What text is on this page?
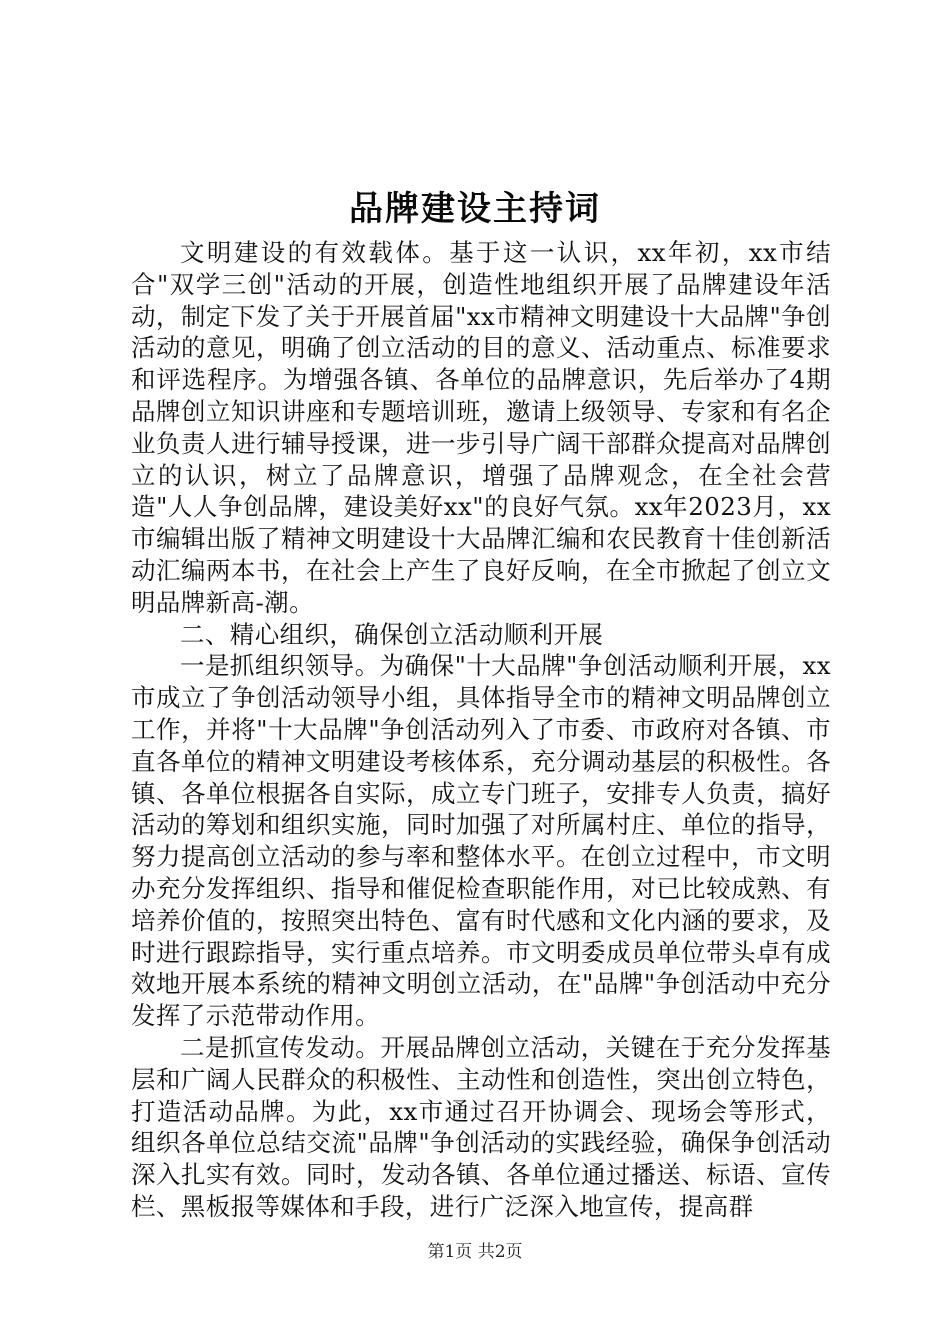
品牌建设主持词

文明建设的有效载体。基于这一认识，xx年初，xx市结合"双学三创"活动的开展，创造性地组织开展了品牌建设年活动，制定下发了关于开展首届"xx市精神文明建设十大品牌"争创活动的意见，明确了创立活动的目的意义、活动重点、标准要求和评选程序。为增强各镇、各单位的品牌意识，先后举办了4期品牌创立知识讲座和专题培训班，邀请上级领导、专家和有名企业负责人进行辅导授课，进一步引导广阔干部群众提高对品牌创立的认识，树立了品牌意识，增强了品牌观念，在全社会营造"人人争创品牌，建设美好xx"的良好气氛。xx年2023月，xx市编辑出版了精神文明建设十大品牌汇编和农民教育十佳创新活动汇编两本书，在社会上产生了良好反响，在全市掀起了创立文明品牌新高-潮。

二、精心组织，确保创立活动顺利开展

一是抓组织领导。为确保"十大品牌"争创活动顺利开展，xx市成立了争创活动领导小组，具体指导全市的精神文明品牌创立工作，并将"十大品牌"争创活动列入了市委、市政府对各镇、市直各单位的精神文明建设考核体系，充分调动基层的积极性。各镇、各单位根据各自实际，成立专门班子，安排专人负责，搞好活动的筹划和组织实施，同时加强了对所属村庄、单位的指导，努力提高创立活动的参与率和整体水平。在创立过程中，市文明办充分发挥组织、指导和催促检查职能作用，对已比较成熟、有培养价值的，按照突出特色、富有时代感和文化内涵的要求，及时进行跟踪指导，实行重点培养。市文明委成员单位带头卓有成效地开展本系统的精神文明创立活动，在"品牌"争创活动中充分发挥了示范带动作用。

二是抓宣传发动。开展品牌创立活动，关键在于充分发挥基层和广阔人民群众的积极性、主动性和创造性，突出创立特色，打造活动品牌。为此，xx市通过召开协调会、现场会等形式，组织各单位总结交流"品牌"争创活动的实践经验，确保争创活动深入扎实有效。同时，发动各镇、各单位通过播送、标语、宣传栏、黑板报等媒体和手段，进行广泛深入地宣传，提高群

第1页 共2页
